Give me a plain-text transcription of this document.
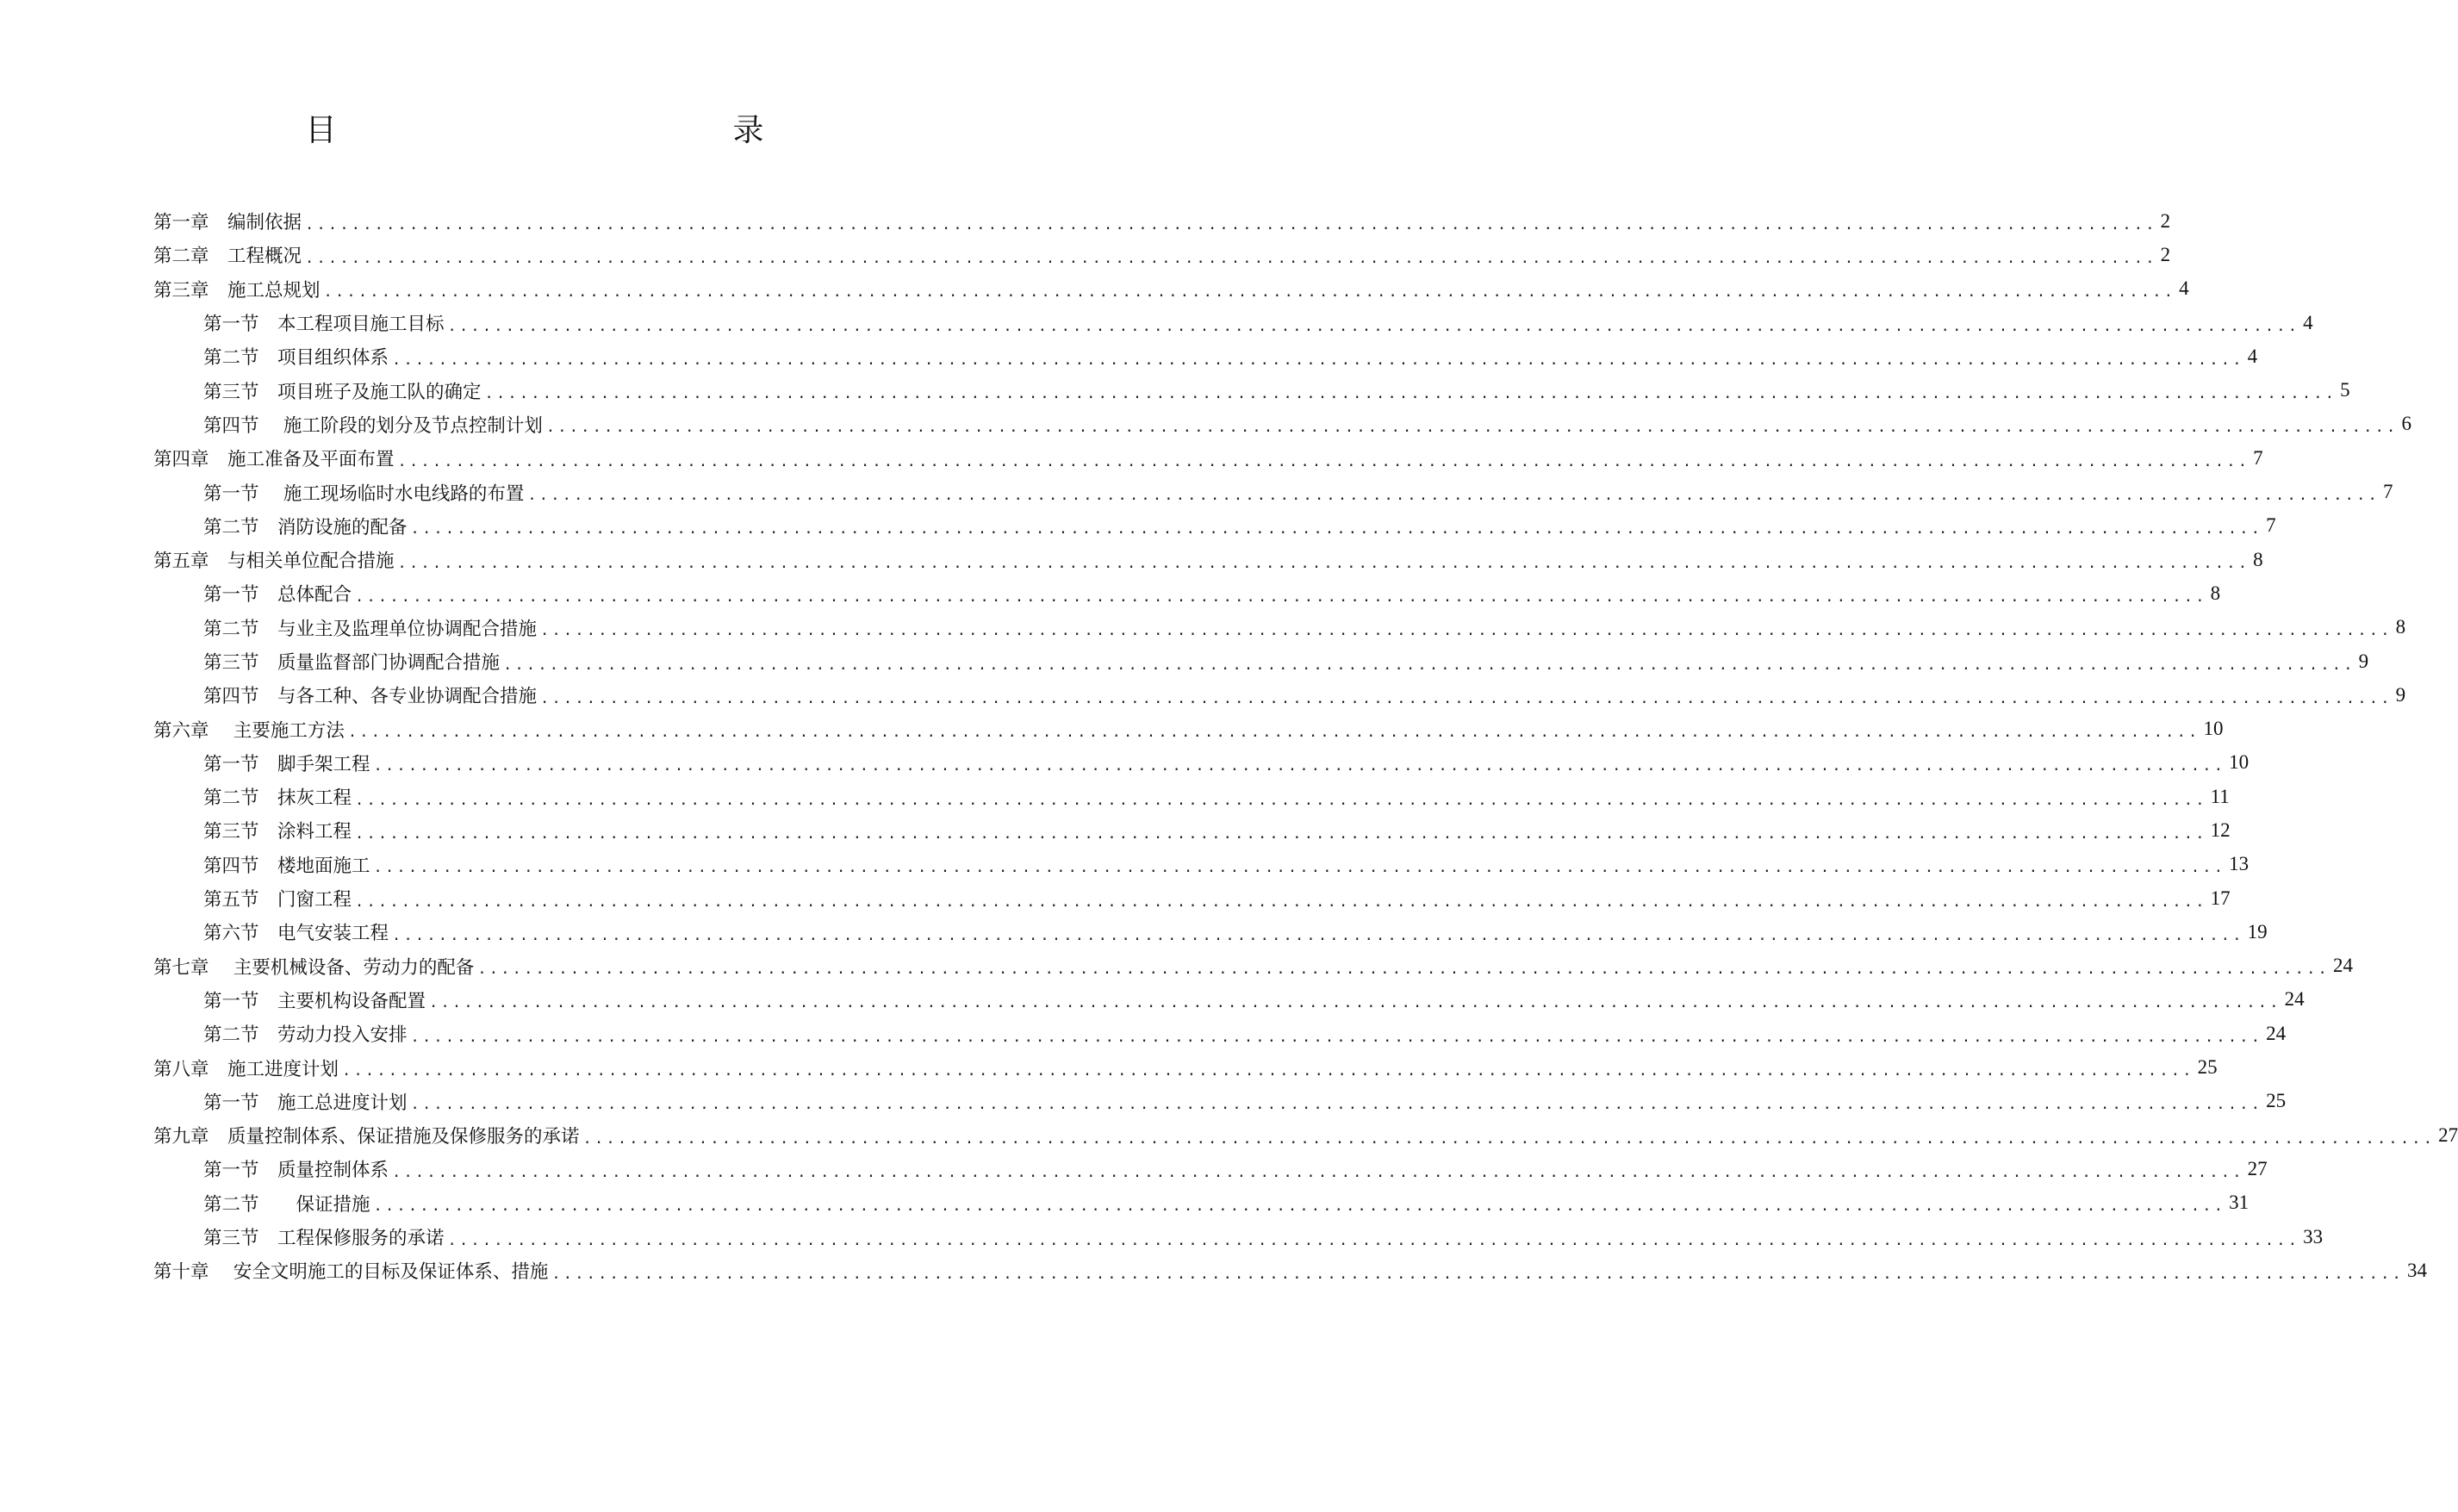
目　　　录
第一章
　 编制依据 ................................................................................................................................................................ 2
第二章
　 工程概况 ................................................................................................................................................................ 2
第三章
　 施工总规划 ................................................................................................................................................................ 4
第一节
　 本工程项目施工目标 ................................................................................................................................................................ 4
第二节
　 项目组织体系 ................................................................................................................................................................ 4
第三节
　 项目班子及施工队的确定 ................................................................................................................................................................ 5
第四节
　 施工阶段的划分及节点控制计划 ................................................................................................................................................................ 6
第四章
　 施工准备及平面布置 ................................................................................................................................................................ 7
第一节
　 施工现场临时水电线路的布置 ................................................................................................................................................................ 7
第二节
　 消防设施的配备 ................................................................................................................................................................ 7
第五章
　 与相关单位配合措施 ................................................................................................................................................................ 8
第一节
　 总体配合 ................................................................................................................................................................ 8
第二节
　 与业主及监理单位协调配合措施 ................................................................................................................................................................ 8
第三节
　 质量监督部门协调配合措施 ................................................................................................................................................................ 9
第四节
　 与各工种、各专业协调配合措施 ................................................................................................................................................................ 9
第六章
　 主要施工方法 ................................................................................................................................................................ 10
第一节
　 脚手架工程 ................................................................................................................................................................ 10
第二节
　 抹灰工程 ................................................................................................................................................................ 11
第三节
　 涂料工程 ................................................................................................................................................................ 12
第四节
　 楼地面施工 ................................................................................................................................................................ 13
第五节
　 门窗工程 ................................................................................................................................................................ 17
第六节
　 电气安装工程 ................................................................................................................................................................ 19
第七章
　 主要机械设备、劳动力的配备 ................................................................................................................................................................ 24
第一节
　 主要机构设备配置 ................................................................................................................................................................ 24
第二节
　 劳动力投入安排 ................................................................................................................................................................ 24
第八章
　 施工进度计划 ................................................................................................................................................................ 25
第一节
　 施工总进度计划 ................................................................................................................................................................ 25
第九章
　 质量控制体系、保证措施及保修服务的承诺 ................................................................................................................................................................ 27
第一节
　 质量控制体系 ................................................................................................................................................................ 27
第二节
　　 保证措施 ................................................................................................................................................................ 31
第三节
　 工程保修服务的承诺 ................................................................................................................................................................ 33
第十章
　 安全文明施工的目标及保证体系、措施 ................................................................................................................................................................ 34
